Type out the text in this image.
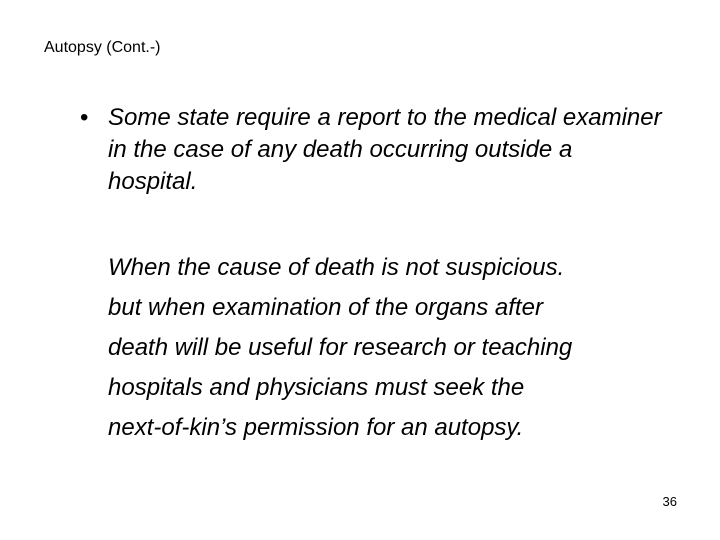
Autopsy (Cont.-)
• Some state require a report to the medical examiner in the case of any death occurring outside a hospital.
When the cause of death is not suspicious.
but when examination of the organs after
death will be useful for research or teaching
hospitals and physicians must seek the
next-of-kin’s permission for an autopsy.
36
